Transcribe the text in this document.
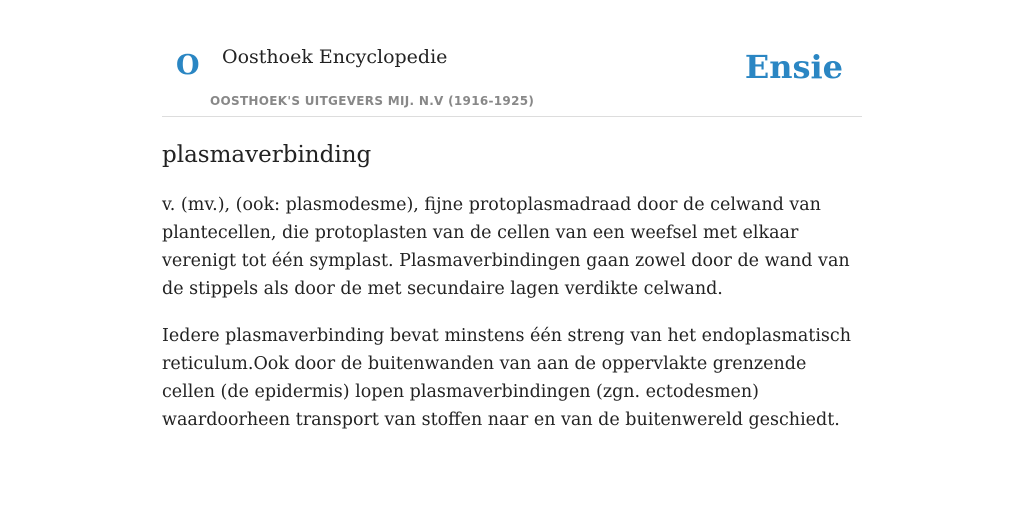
O Oosthoek Encyclopedie
OOSTHOEK'S UITGEVERS MIJ. N.V (1916-1925)
Ensie
plasmaverbinding

v. (mv.), (ook: plasmodesme), fijne protoplasmadraad door de celwand van plantecellen, die protoplasten van de cellen van een weefsel met elkaar verenigt tot één symplast. Plasmaverbindingen gaan zowel door de wand van de stippels als door de met secundaire lagen verdikte celwand.

Iedere plasmaverbinding bevat minstens één streng van het endoplasmatisch reticulum.Ook door de buitenwanden van aan de oppervlakte grenzende cellen (de epidermis) lopen plasmaverbindingen (zgn. ectodesmen) waardoorheen transport van stoffen naar en van de buitenwereld geschiedt.
